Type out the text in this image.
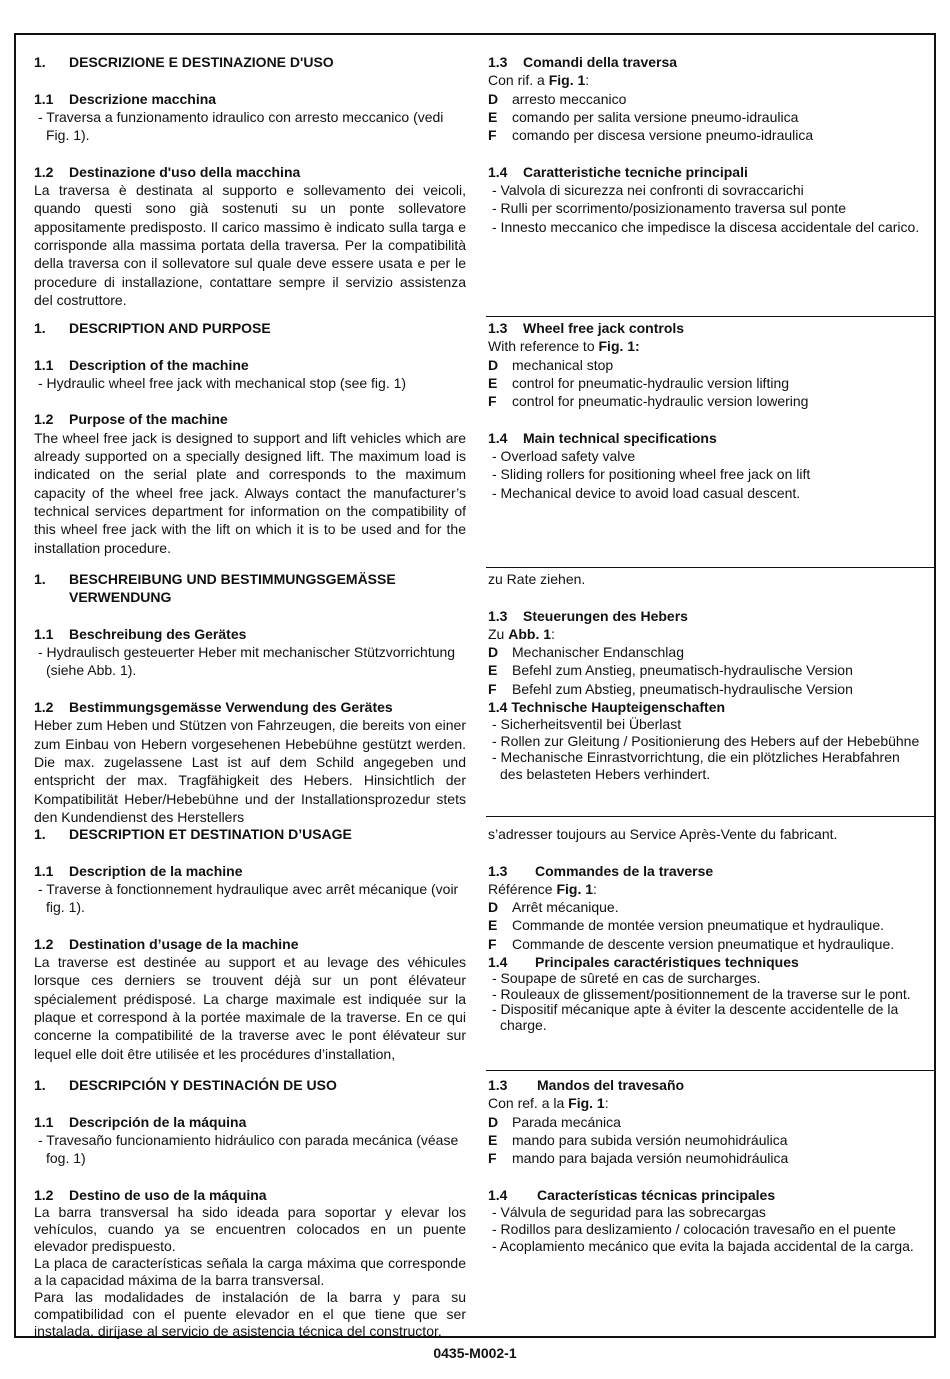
1. DESCRIZIONE E DESTINAZIONE D'USO
1.1 Descrizione macchina
- Traversa a funzionamento idraulico con arresto meccanico (vedi Fig. 1).
1.2 Destinazione d'uso della macchina
La traversa è destinata al supporto e sollevamento dei veicoli, quando questi sono già sostenuti su un ponte sollevatore appositamente predisposto. Il carico massimo è indicato sulla targa e corrisponde alla massima portata della traversa. Per la compatibilità della traversa con il sollevatore sul quale deve essere usata e per le procedure di installazione, contattare sempre il servizio assistenza del costruttore.
1.3 Comandi della traversa
Con rif. a Fig. 1:
D arresto meccanico
E comando per salita versione pneumo-idraulica
F comando per discesa versione pneumo-idraulica
1.4 Caratteristiche tecniche principali
- Valvola di sicurezza nei confronti di sovraccarichi
- Rulli per scorrimento/posizionamento traversa sul ponte
- Innesto meccanico che impedisce la discesa accidentale del carico.
1. DESCRIPTION AND PURPOSE
1.1 Description of the machine
- Hydraulic wheel free jack with mechanical stop (see fig. 1)
1.2 Purpose of the machine
The wheel free jack is designed to support and lift vehicles which are already supported on a specially designed lift. The maximum load is indicated on the serial plate and corresponds to the maximum capacity of the wheel free jack. Always contact the manufacturer’s technical services department for information on the compatibility of this wheel free jack with the lift on which it is to be used and for the installation procedure.
1.3 Wheel free jack controls
With reference to Fig. 1:
D mechanical stop
E control for pneumatic-hydraulic version lifting
F control for pneumatic-hydraulic version lowering
1.4 Main technical specifications
- Overload safety valve
- Sliding rollers for positioning wheel free jack on lift
- Mechanical device to avoid load casual descent.
1. BESCHREIBUNG UND BESTIMMUNGSGEMÄSSE VERWENDUNG
1.1 Beschreibung des Gerätes
- Hydraulisch gesteuerter Heber mit mechanischer Stützvorrichtung (siehe Abb. 1).
1.2 Bestimmungsgemässe Verwendung des Gerätes
Heber zum Heben und Stützen von Fahrzeugen, die bereits von einer zum Einbau von Hebern vorgesehenen Hebebühne gestützt werden. Die max. zugelassene Last ist auf dem Schild angegeben und entspricht der max. Tragfähigkeit des Hebers. Hinsichtlich der Kompatibilität Heber/Hebebühne und der Installationsprozedur stets den Kundendienst des Herstellers
zu Rate ziehen.
1.3 Steuerungen des Hebers
Zu Abb. 1:
D Mechanischer Endanschlag
E Befehl zum Anstieg, pneumatisch-hydraulische Version
F Befehl zum Abstieg, pneumatisch-hydraulische Version
1.4 Technische Haupteigenschaften
- Sicherheitsventil bei Überlast
- Rollen zur Gleitung / Positionierung des Hebers auf der Hebebühne
- Mechanische Einrastvorrichtung, die ein plötzliches Herabfahren des belasteten Hebers verhindert.
1. DESCRIPTION ET DESTINATION D’USAGE
1.1 Description de la machine
- Traverse à fonctionnement hydraulique avec arrêt mécanique (voir fig. 1).
1.2 Destination d’usage de la machine
La traverse est destinée au support et au levage des véhicules lorsque ces derniers se trouvent déjà sur un pont élévateur spécialement prédisposé. La charge maximale est indiquée sur la plaque et correspond à la portée maximale de la traverse. En ce qui concerne la compatibilité de la traverse avec le pont élévateur sur lequel elle doit être utilisée et les procédures d’installation,
s’adresser toujours au Service Après-Vente du fabricant.
1.3 Commandes de la traverse
Référence Fig. 1:
D Arrêt mécanique.
E Commande de montée version pneumatique et hydraulique.
F Commande de descente version pneumatique et hydraulique.
1.4 Principales caractéristiques techniques
- Soupape de sûreté en cas de surcharges.
- Rouleaux de glissement/positionnement de la traverse sur le pont.
- Dispositif mécanique apte à éviter la descente accidentelle de la charge.
1. DESCRIPCIÓN Y DESTINACIÓN DE USO
1.1 Descripción de la máquina
- Travesaño funcionamiento hidráulico con parada mecánica (véase fog. 1)
1.2 Destino de uso de la máquina
La barra transversal ha sido ideada para soportar y elevar los vehículos, cuando ya se encuentren colocados en un puente elevador predispuesto.
La placa de características señala la carga máxima que corresponde a la capacidad máxima de la barra transversal.
Para las modalidades de instalación de la barra y para su compatibilidad con el puente elevador en el que tiene que ser instalada, diríjase al servicio de asistencia técnica del constructor.
1.3 Mandos del travesaño
Con ref. a la Fig. 1:
D Parada mecánica
E mando para subida versión neumohidráulica
F mando para bajada versión neumohidráulica
1.4 Características técnicas principales
- Válvula de seguridad para las sobrecargas
- Rodillos para deslizamiento / colocación travesaño en el puente
- Acoplamiento mecánico que evita la bajada accidental de la carga.
0435-M002-1
